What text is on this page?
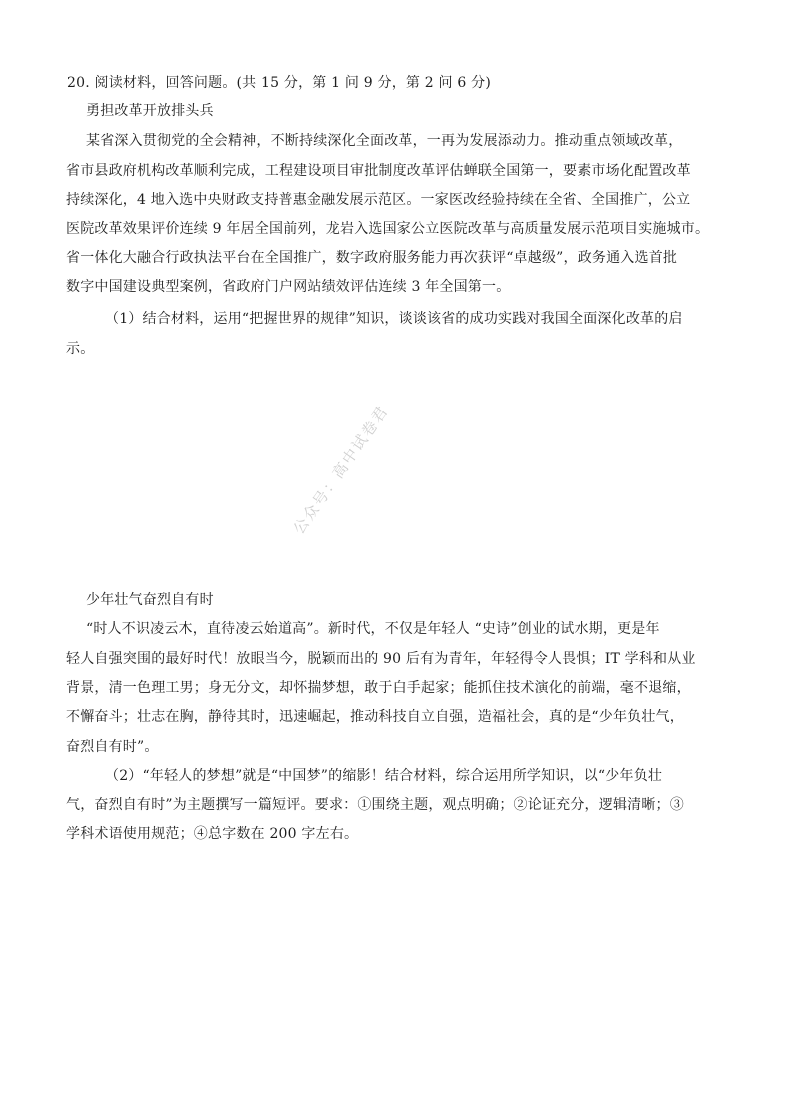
20. 阅读材料，回答问题。(共 15 分，第 1 问 9 分，第 2 问 6 分)
勇担改革开放排头兵
某省深入贯彻党的全会精神，不断持续深化全面改革，一再为发展添动力。推动重点领域改革，
省市县政府机构改革顺利完成，工程建设项目审批制度改革评估蝉联全国第一，要素市场化配置改革
持续深化，4 地入选中央财政支持普惠金融发展示范区。一家医改经验持续在全省、全国推广，公立
医院改革效果评价连续 9 年居全国前列，龙岩入选国家公立医院改革与高质量发展示范项目实施城市。
省一体化大融合行政执法平台在全国推广，数字政府服务能力再次获评“卓越级”，政务通入选首批
数字中国建设典型案例，省政府门户网站绩效评估连续 3 年全国第一。
（1）结合材料，运用“把握世界的规律”知识，谈谈该省的成功实践对我国全面深化改革的启
示。
公众号：高中试卷君
少年壮气奋烈自有时
“时人不识凌云木，直待凌云始道高”。新时代，不仅是年轻人 “史诗”创业的试水期，更是年
轻人自强突围的最好时代！放眼当今，脱颖而出的 90 后有为青年，年轻得令人畏惧；IT 学科和从业
背景，清一色理工男；身无分文，却怀揣梦想，敢于白手起家；能抓住技术演化的前端，毫不退缩，
不懈奋斗；壮志在胸，静待其时，迅速崛起，推动科技自立自强，造福社会，真的是“少年负壮气，
奋烈自有时”。
（2）“年轻人的梦想”就是“中国梦”的缩影！结合材料，综合运用所学知识，以“少年负壮
气，奋烈自有时”为主题撰写一篇短评。要求：①围绕主题，观点明确；②论证充分，逻辑清晰；③
学科术语使用规范；④总字数在 200 字左右。
